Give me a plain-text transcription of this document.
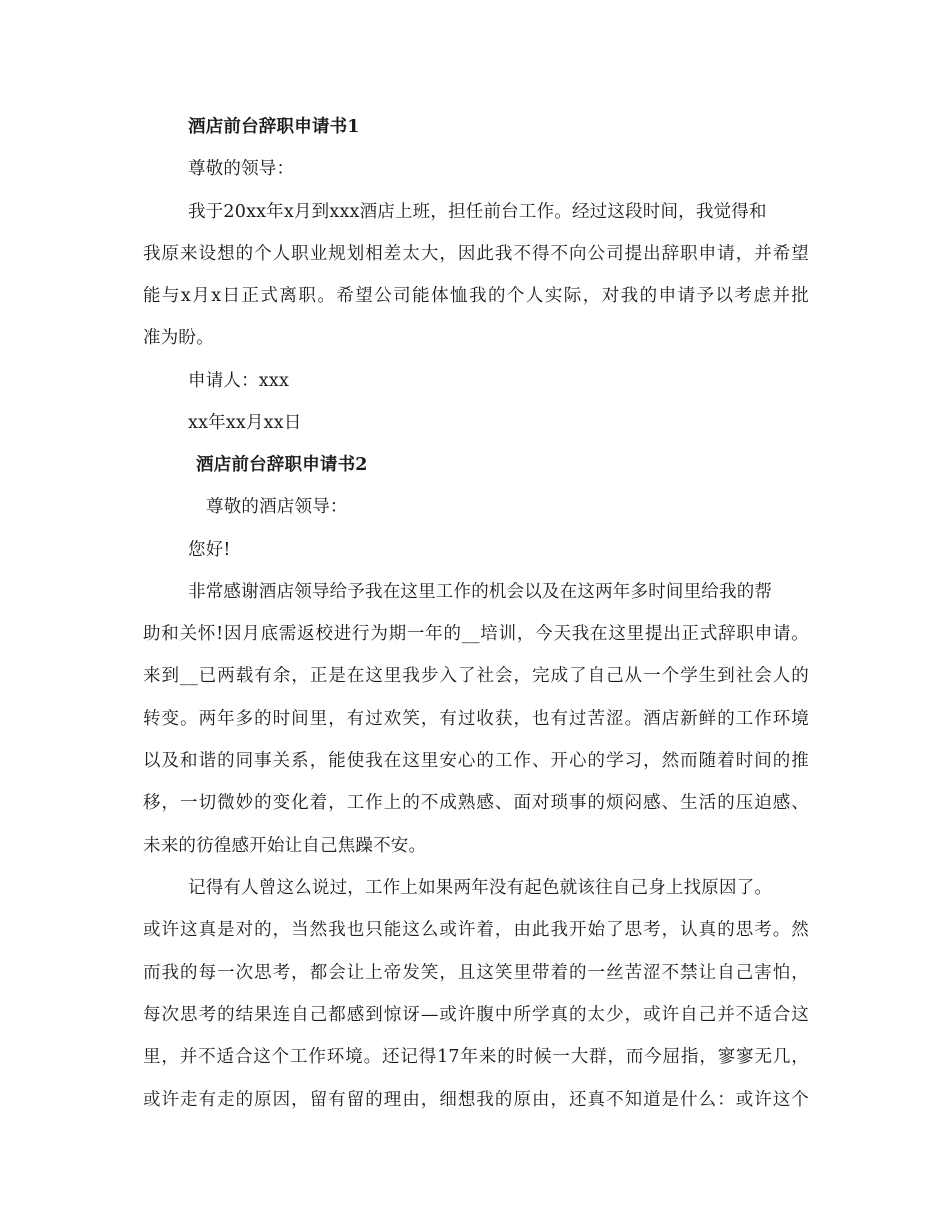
酒店前台辞职申请书1
尊敬的领导：
我于20xx年x月到xxx酒店上班，担任前台工作。经过这段时间，我觉得和
我原来设想的个人职业规划相差太大，因此我不得不向公司提出辞职申请，并希望
能与x月x日正式离职。希望公司能体恤我的个人实际，对我的申请予以考虑并批
准为盼。
申请人：xxx
xx年xx月xx日
酒店前台辞职申请书2
尊敬的酒店领导：
您好!
非常感谢酒店领导给予我在这里工作的机会以及在这两年多时间里给我的帮
助和关怀!因月底需返校进行为期一年的__培训，今天我在这里提出正式辞职申请。
来到__已两载有余，正是在这里我步入了社会，完成了自己从一个学生到社会人的
转变。两年多的时间里，有过欢笑，有过收获，也有过苦涩。酒店新鲜的工作环境
以及和谐的同事关系，能使我在这里安心的工作、开心的学习，然而随着时间的推
移，一切微妙的变化着，工作上的不成熟感、面对琐事的烦闷感、生活的压迫感、
未来的彷徨感开始让自己焦躁不安。
记得有人曾这么说过，工作上如果两年没有起色就该往自己身上找原因了。
或许这真是对的，当然我也只能这么或许着，由此我开始了思考，认真的思考。然
而我的每一次思考，都会让上帝发笑，且这笑里带着的一丝苦涩不禁让自己害怕，
每次思考的结果连自己都感到惊讶—或许腹中所学真的太少，或许自己并不适合这
里，并不适合这个工作环境。还记得17年来的时候一大群，而今屈指，寥寥无几，
或许走有走的原因，留有留的理由，细想我的原由，还真不知道是什么：或许这个
